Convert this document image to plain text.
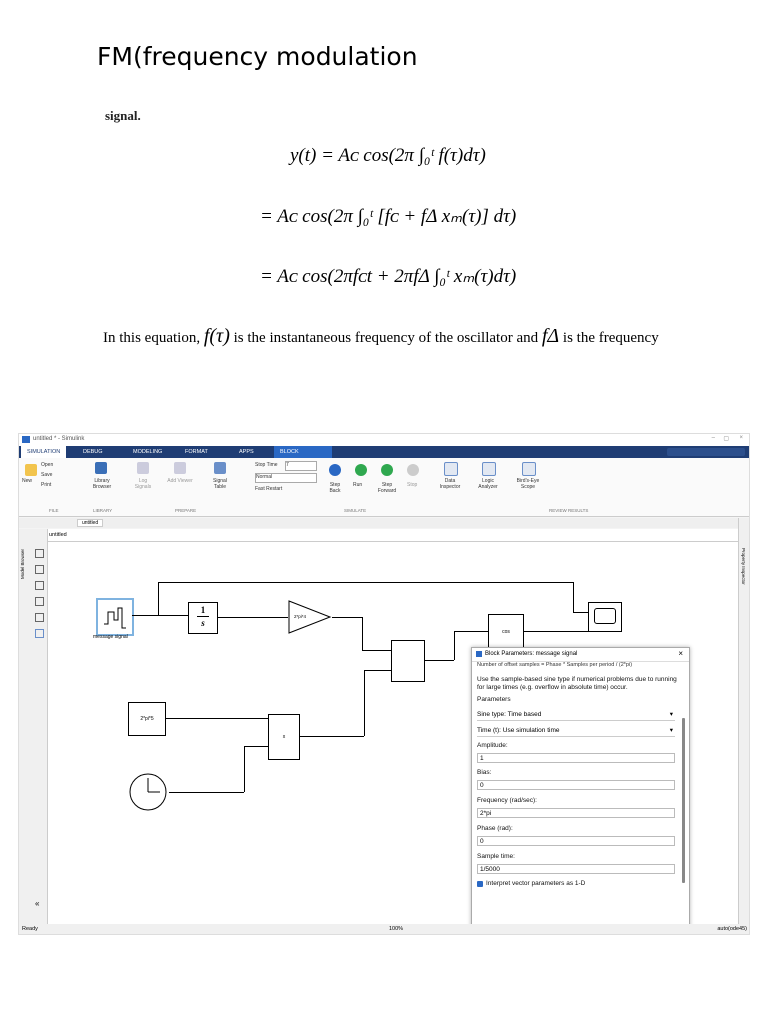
FM(frequency modulation
signal.
y(t) = Aᴄ cos(2π ∫₀ᵗ f(τ)dτ)
= Aᴄ cos(2π ∫₀ᵗ [fᴄ + fΔ xₘ(τ)] dτ)
= Aᴄ cos(2πfᴄt + 2πfΔ ∫₀ᵗ xₘ(τ)dτ)
In this equation, f(τ) is the instantaneous frequency of the oscillator and fΔ is the frequency
untitled * - Simulink	– ▢ ×
SIMULATION	DEBUG	MODELING	FORMAT	APPS	BLOCK
New
Open
Save
Print
Library Browser
Log Signals
Add Viewer	Signal Table
Stop Time 7
Normal
Fast Restart
Step Back
Run	Step Forward
Stop
Data Inspector
Logic Analyzer
Bird's-Eye Scope
FILE	LIBRARY	PREPARE	SIMULATE	REVIEW RESULTS
untitled
untitled
Model Browser
«
Property Inspector
message signal
1
s
2*pi*4
cos
2*pi*5
x
Block Parameters: message signal	×
Number of offset samples = Phase * Samples per period / (2*pi)
Use the sample-based sine type if numerical problems due to running for large times (e.g. overflow in absolute time) occur.
Parameters
Sine type: Time based	▾
Time (t): Use simulation time	▾
Amplitude:
1
Bias:
0
Frequency (rad/sec):
2*pi
Phase (rad):
0
Sample time:
1/5000
Interpret vector parameters as 1-D
Ready	100%	auto(ode45)
